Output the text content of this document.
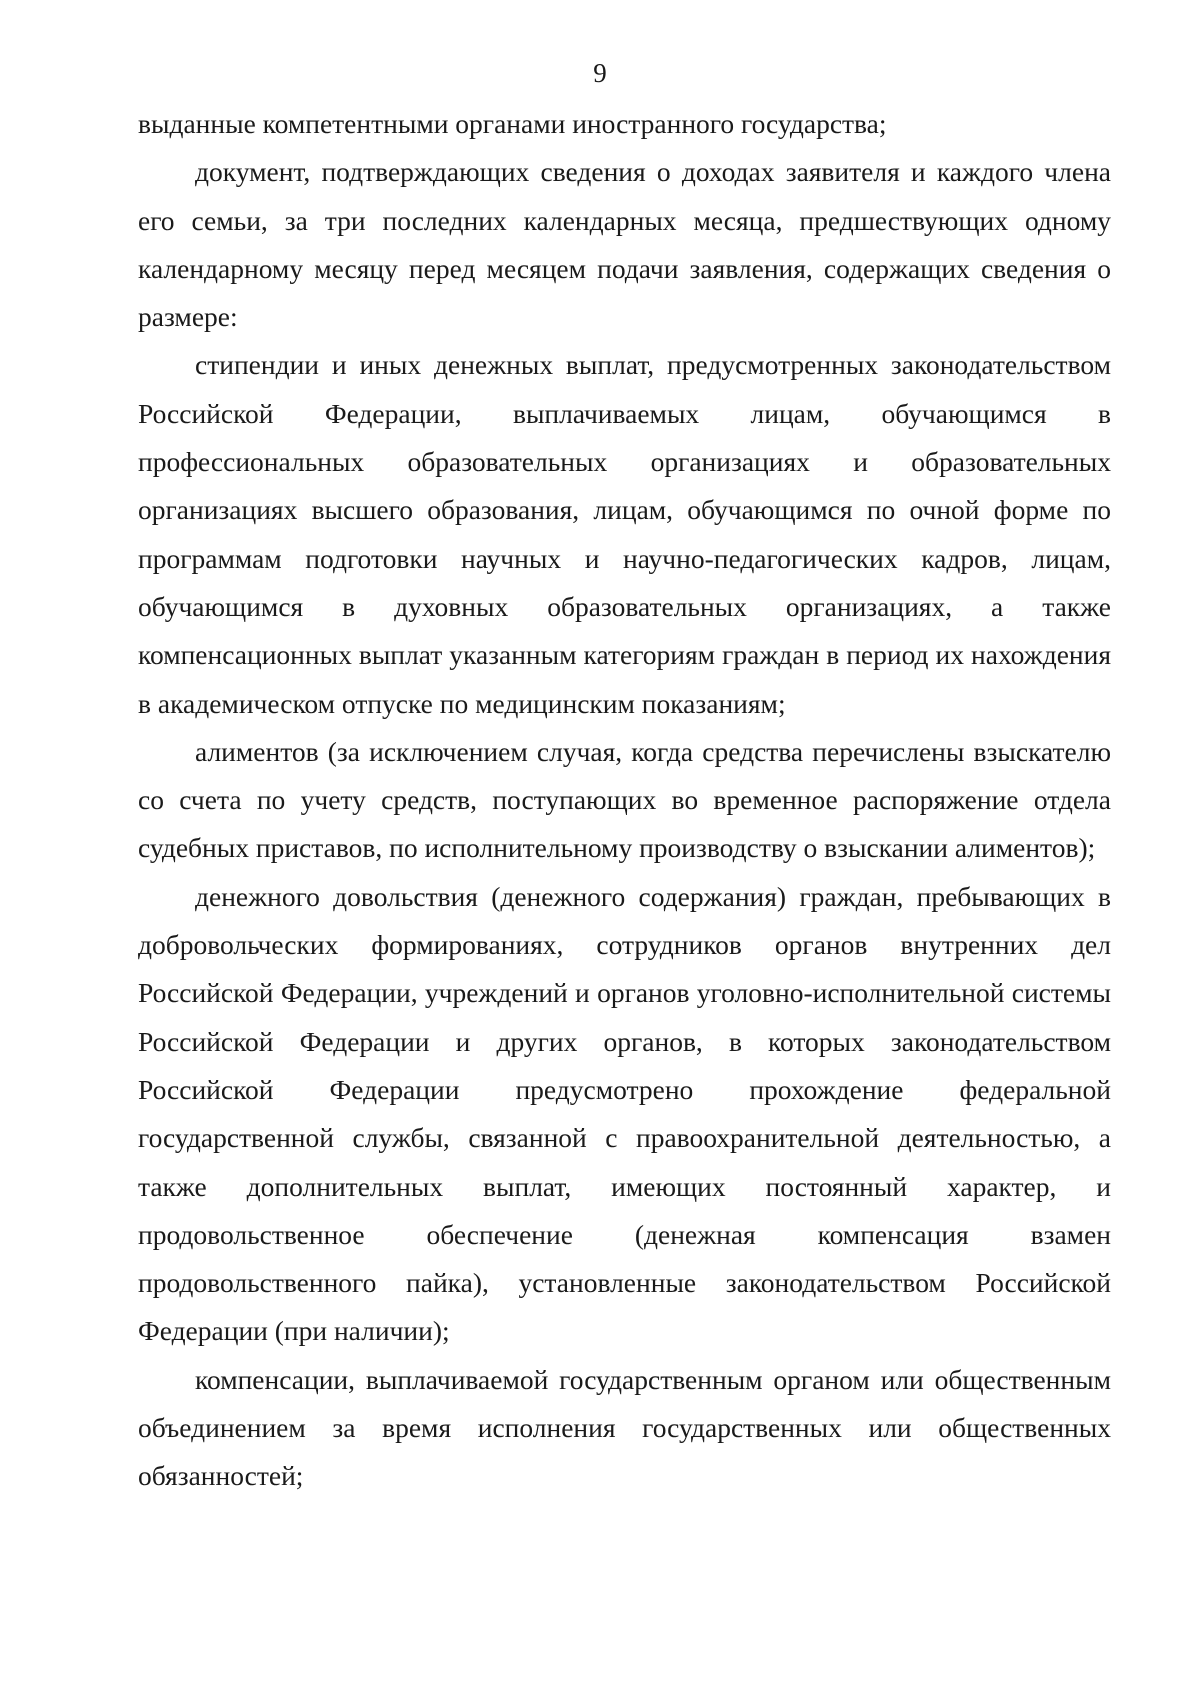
9

выданные компетентными органами иностранного государства;

документ, подтверждающих сведения о доходах заявителя и каждого члена его семьи, за три последних календарных месяца, предшествующих одному календарному месяцу перед месяцем подачи заявления, содержащих сведения о размере:

стипендии и иных денежных выплат, предусмотренных законодательством Российской Федерации, выплачиваемых лицам, обучающимся в профессиональных образовательных организациях и образовательных организациях высшего образования, лицам, обучающимся по очной форме по программам подготовки научных и научно-педагогических кадров, лицам, обучающимся в духовных образовательных организациях, а также компенсационных выплат указанным категориям граждан в период их нахождения в академическом отпуске по медицинским показаниям;

алиментов (за исключением случая, когда средства перечислены взыскателю со счета по учету средств, поступающих во временное распоряжение отдела судебных приставов, по исполнительному производству о взыскании алиментов);

денежного довольствия (денежного содержания) граждан, пребывающих в добровольческих формированиях, сотрудников органов внутренних дел Российской Федерации, учреждений и органов уголовно-исполнительной системы Российской Федерации и других органов, в которых законодательством Российской Федерации предусмотрено прохождение федеральной государственной службы, связанной с правоохранительной деятельностью, а также дополнительных выплат, имеющих постоянный характер, и продовольственное обеспечение (денежная компенсация взамен продовольственного пайка), установленные законодательством Российской Федерации (при наличии);

компенсации, выплачиваемой государственным органом или общественным объединением за время исполнения государственных или общественных обязанностей;
